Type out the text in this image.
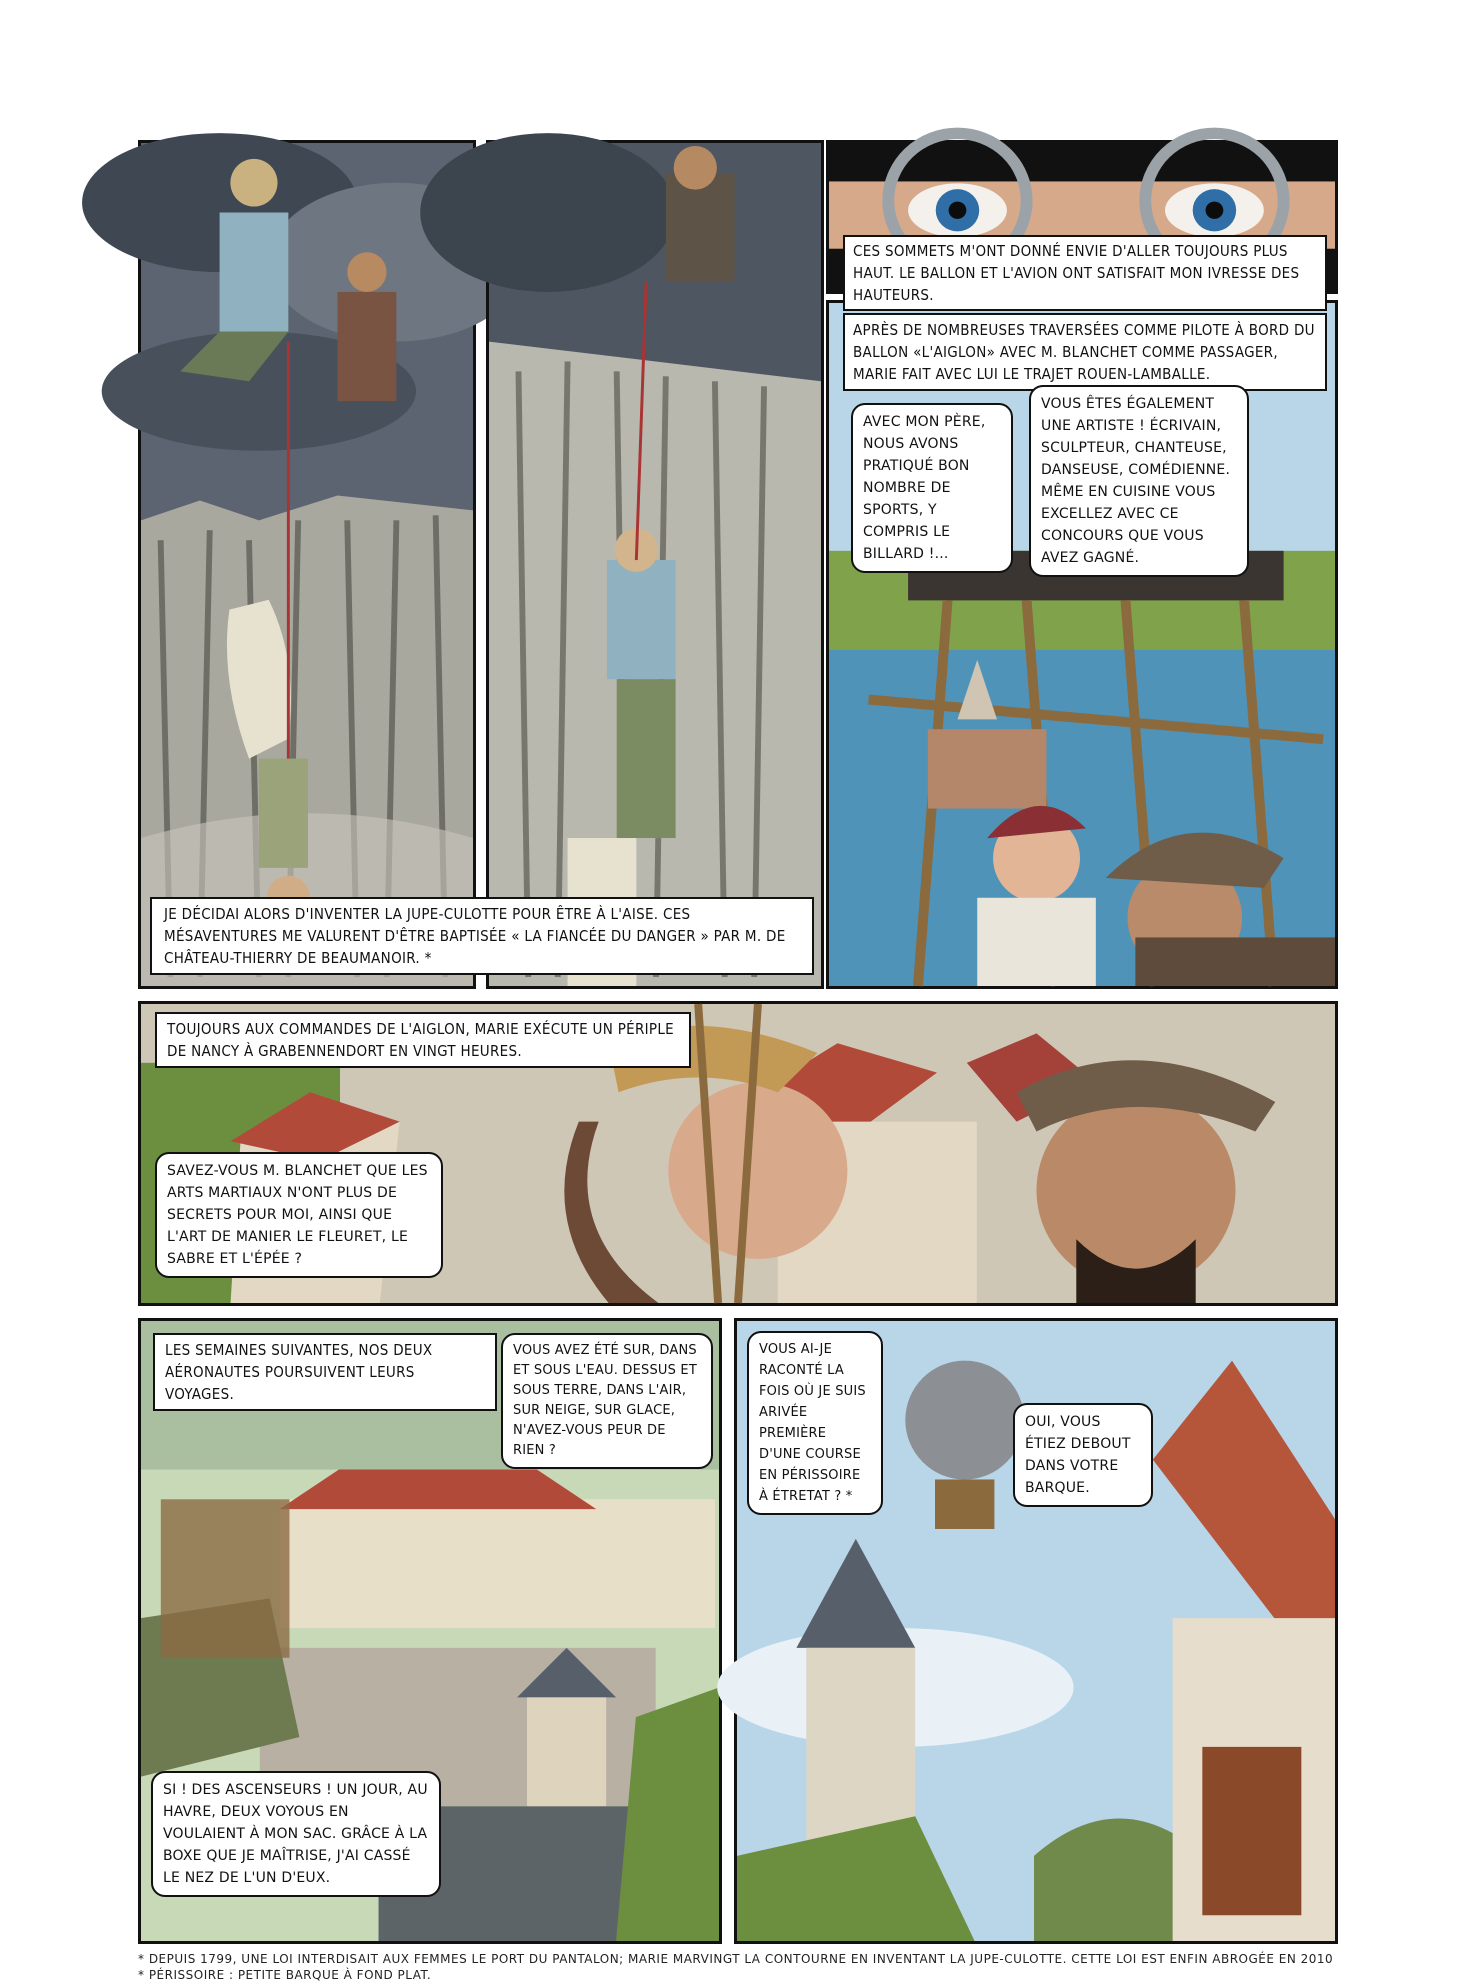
CES SOMMETS M'ONT DONNÉ ENVIE D'ALLER TOUJOURS PLUS HAUT. LE BALLON ET L'AVION ONT SATISFAIT MON IVRESSE DES HAUTEURS.
APRÈS DE NOMBREUSES TRAVERSÉES COMME PILOTE À BORD DU BALLON «L'AIGLON» AVEC M. BLANCHET COMME PASSAGER, MARIE FAIT AVEC LUI LE TRAJET ROUEN-LAMBALLE.
AVEC MON PÈRE, NOUS AVONS PRATIQUÉ BON NOMBRE DE SPORTS, Y COMPRIS LE BILLARD !...
VOUS ÊTES ÉGALEMENT UNE ARTISTE ! ÉCRIVAIN, SCULPTEUR, CHANTEUSE, DANSEUSE, COMÉDIENNE. MÊME EN CUISINE VOUS EXCELLEZ AVEC CE CONCOURS QUE VOUS AVEZ GAGNÉ.
JE DÉCIDAI ALORS D'INVENTER LA JUPE-CULOTTE POUR ÊTRE À L'AISE. CES MÉSAVENTURES ME VALURENT D'ÊTRE BAPTISÉE « LA FIANCÉE DU DANGER » PAR M. DE CHÂTEAU-THIERRY DE BEAUMANOIR. *
TOUJOURS AUX COMMANDES DE L'AIGLON, MARIE EXÉCUTE UN PÉRIPLE DE NANCY À GRABENNENDORT EN VINGT HEURES.
SAVEZ-VOUS M. BLANCHET QUE LES ARTS MARTIAUX N'ONT PLUS DE SECRETS POUR MOI, AINSI QUE L'ART DE MANIER LE FLEURET, LE SABRE ET L'ÉPÉE ?
LES SEMAINES SUIVANTES, NOS DEUX AÉRONAUTES POURSUIVENT LEURS VOYAGES.
VOUS AVEZ ÉTÉ SUR, DANS ET SOUS L'EAU. DESSUS ET SOUS TERRE, DANS L'AIR, SUR NEIGE, SUR GLACE, N'AVEZ-VOUS PEUR DE RIEN ?
SI ! DES ASCENSEURS ! UN JOUR, AU HAVRE, DEUX VOYOUS EN VOULAIENT À MON SAC. GRÂCE À LA BOXE QUE JE MAÎTRISE, J'AI CASSÉ LE NEZ DE L'UN D'EUX.
VOUS AI-JE RACONTÉ LA FOIS OÙ JE SUIS ARIVÉE PREMIÈRE D'UNE COURSE EN PÉRISSOIRE À ÉTRETAT ? *
OUI, VOUS ÉTIEZ DEBOUT DANS VOTRE BARQUE.
* DEPUIS 1799, UNE LOI INTERDISAIT AUX FEMMES LE PORT DU PANTALON; MARIE MARVINGT LA CONTOURNE EN INVENTANT LA JUPE-CULOTTE. CETTE LOI EST ENFIN ABROGÉE EN 2010
* PÉRISSOIRE : PETITE BARQUE À FOND PLAT.
